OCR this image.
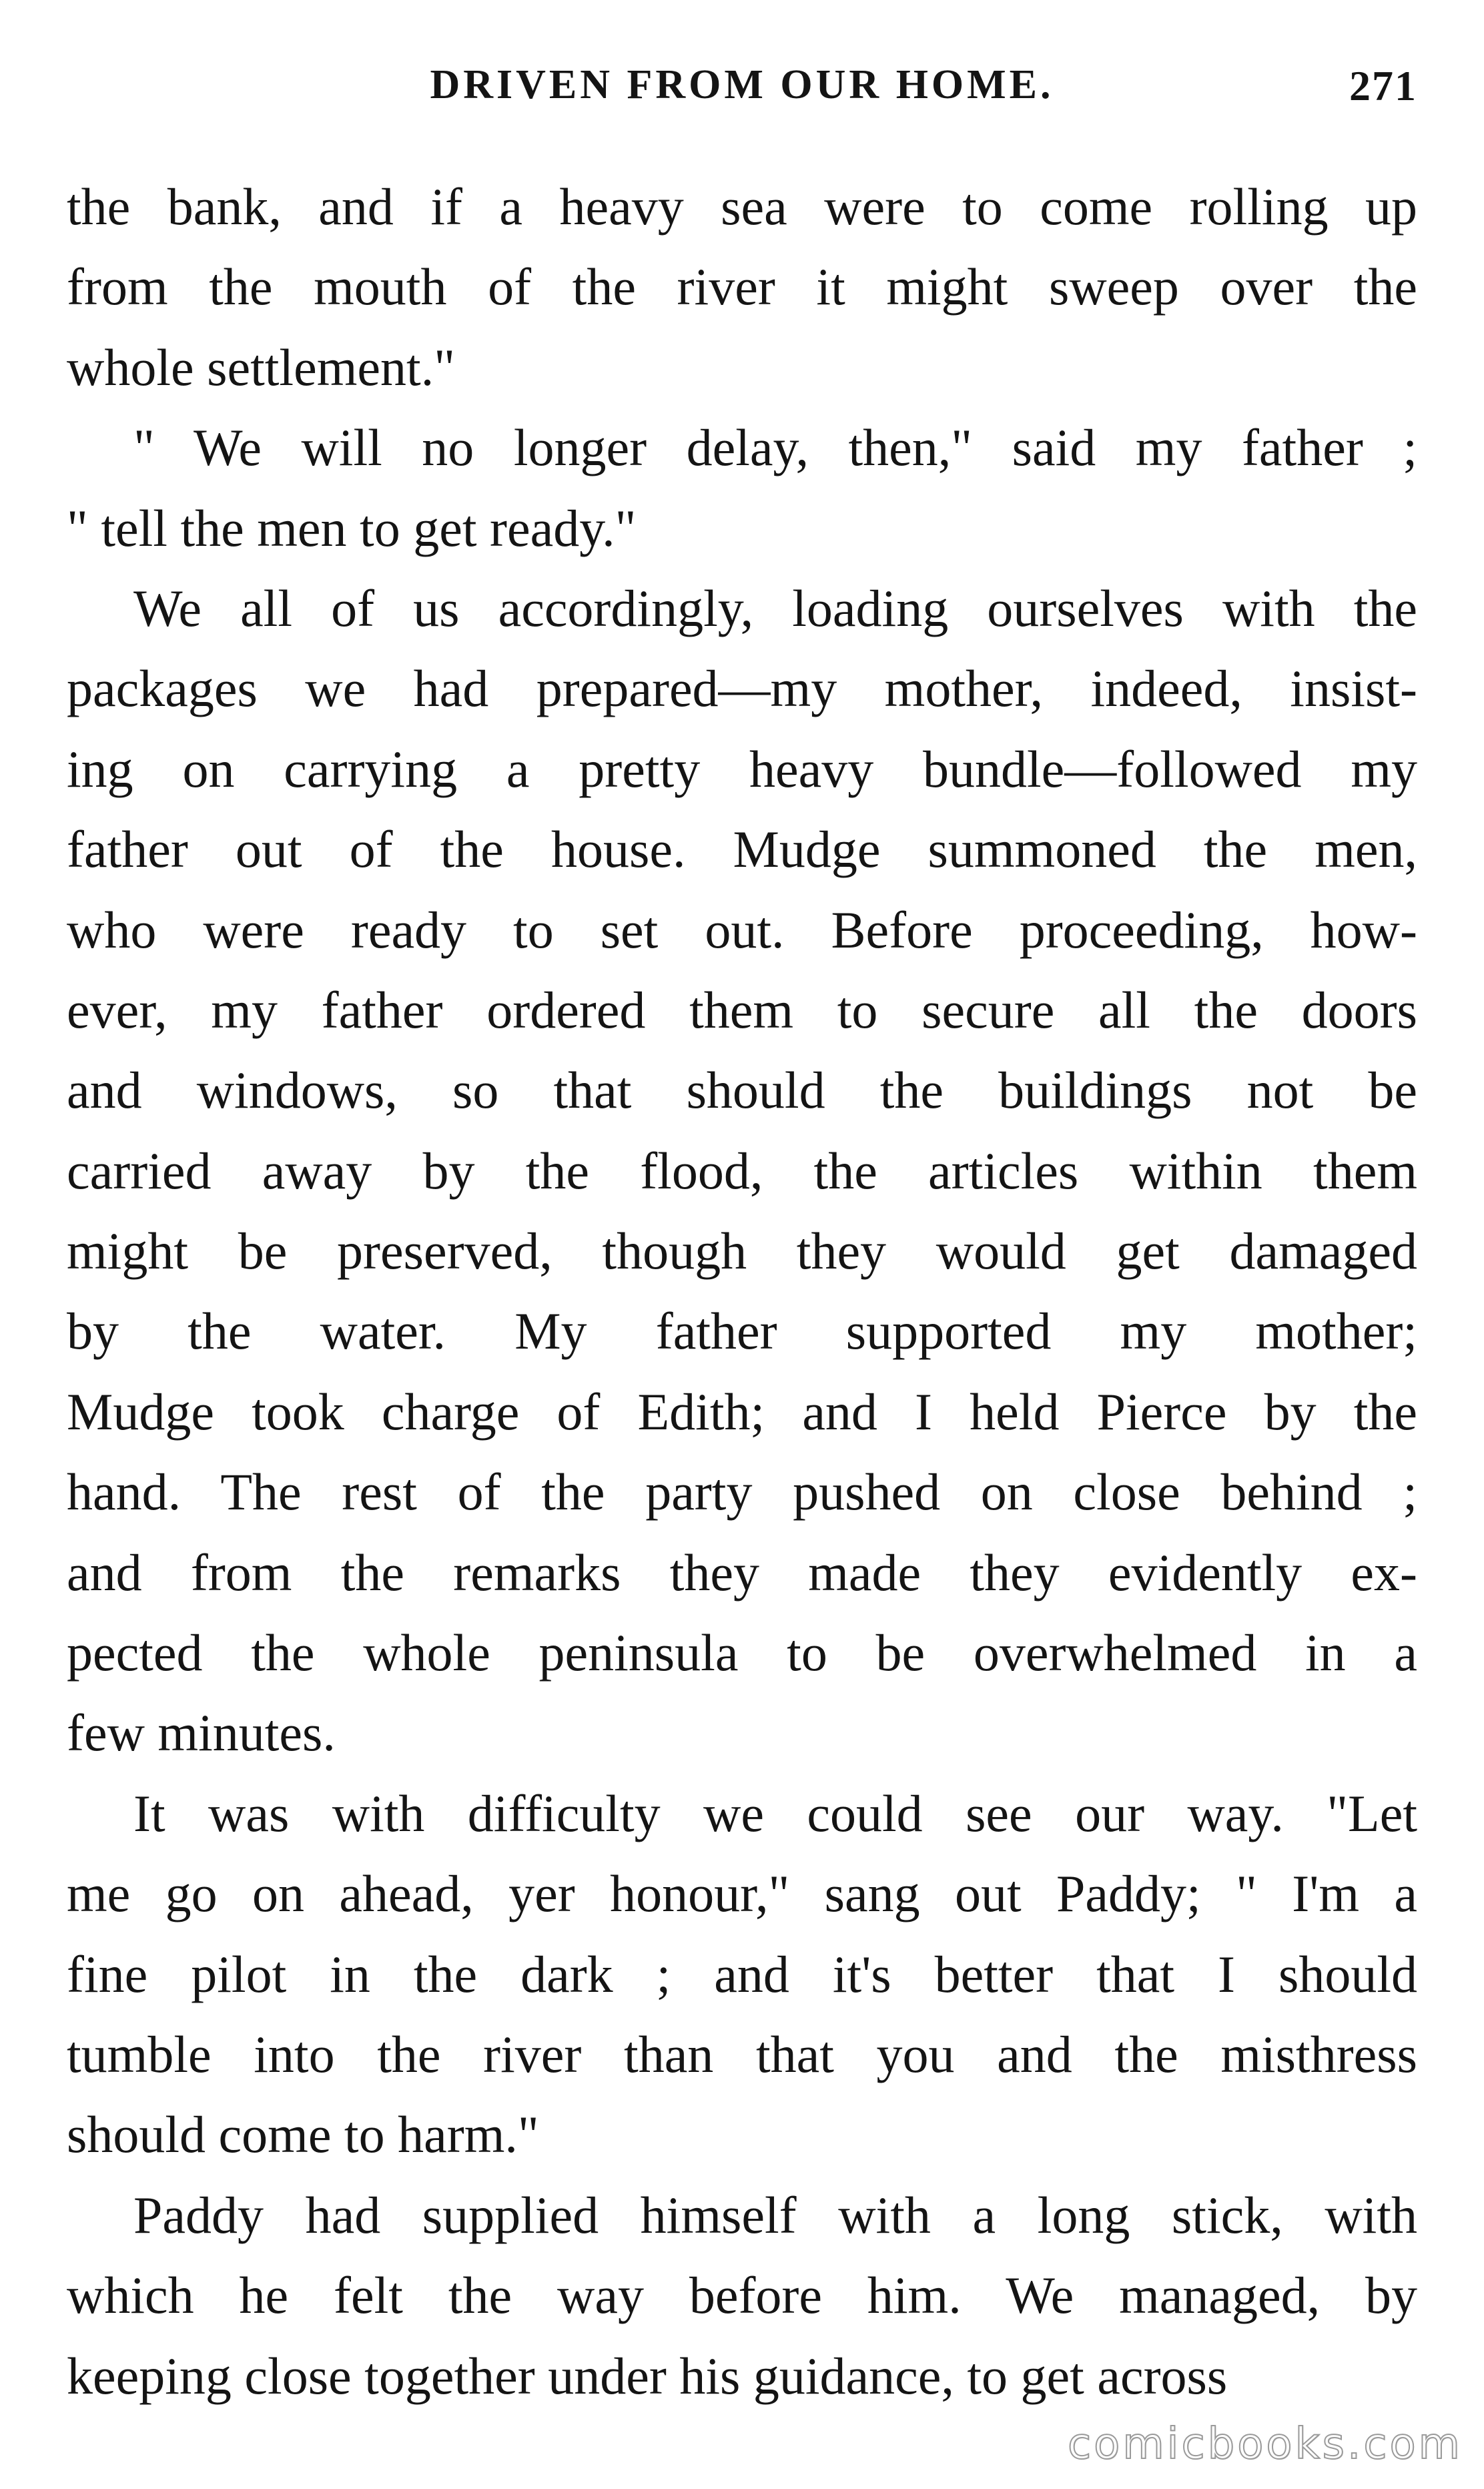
DRIVEN FROM OUR HOME.	271
the bank, and if a heavy sea were to come rolling up
from the mouth of the river it might sweep over the
whole settlement."
" We will no longer delay, then," said my father ;
" tell the men to get ready."
We all of us accordingly, loading ourselves with the
packages we had prepared—my mother, indeed, insist-
ing on carrying a pretty heavy bundle—followed my
father out of the house. Mudge summoned the men,
who were ready to set out. Before proceeding, how-
ever, my father ordered them to secure all the doors
and windows, so that should the buildings not be
carried away by the flood, the articles within them
might be preserved, though they would get damaged
by the water. My father supported my mother;
Mudge took charge of Edith; and I held Pierce by the
hand. The rest of the party pushed on close behind ;
and from the remarks they made they evidently ex-
pected the whole peninsula to be overwhelmed in a
few minutes.
It was with difficulty we could see our way. "Let
me go on ahead, yer honour," sang out Paddy; " I'm a
fine pilot in the dark ; and it's better that I should
tumble into the river than that you and the misthress
should come to harm."
Paddy had supplied himself with a long stick, with
which he felt the way before him. We managed, by
keeping close together under his guidance, to get across
comicbooks.com
